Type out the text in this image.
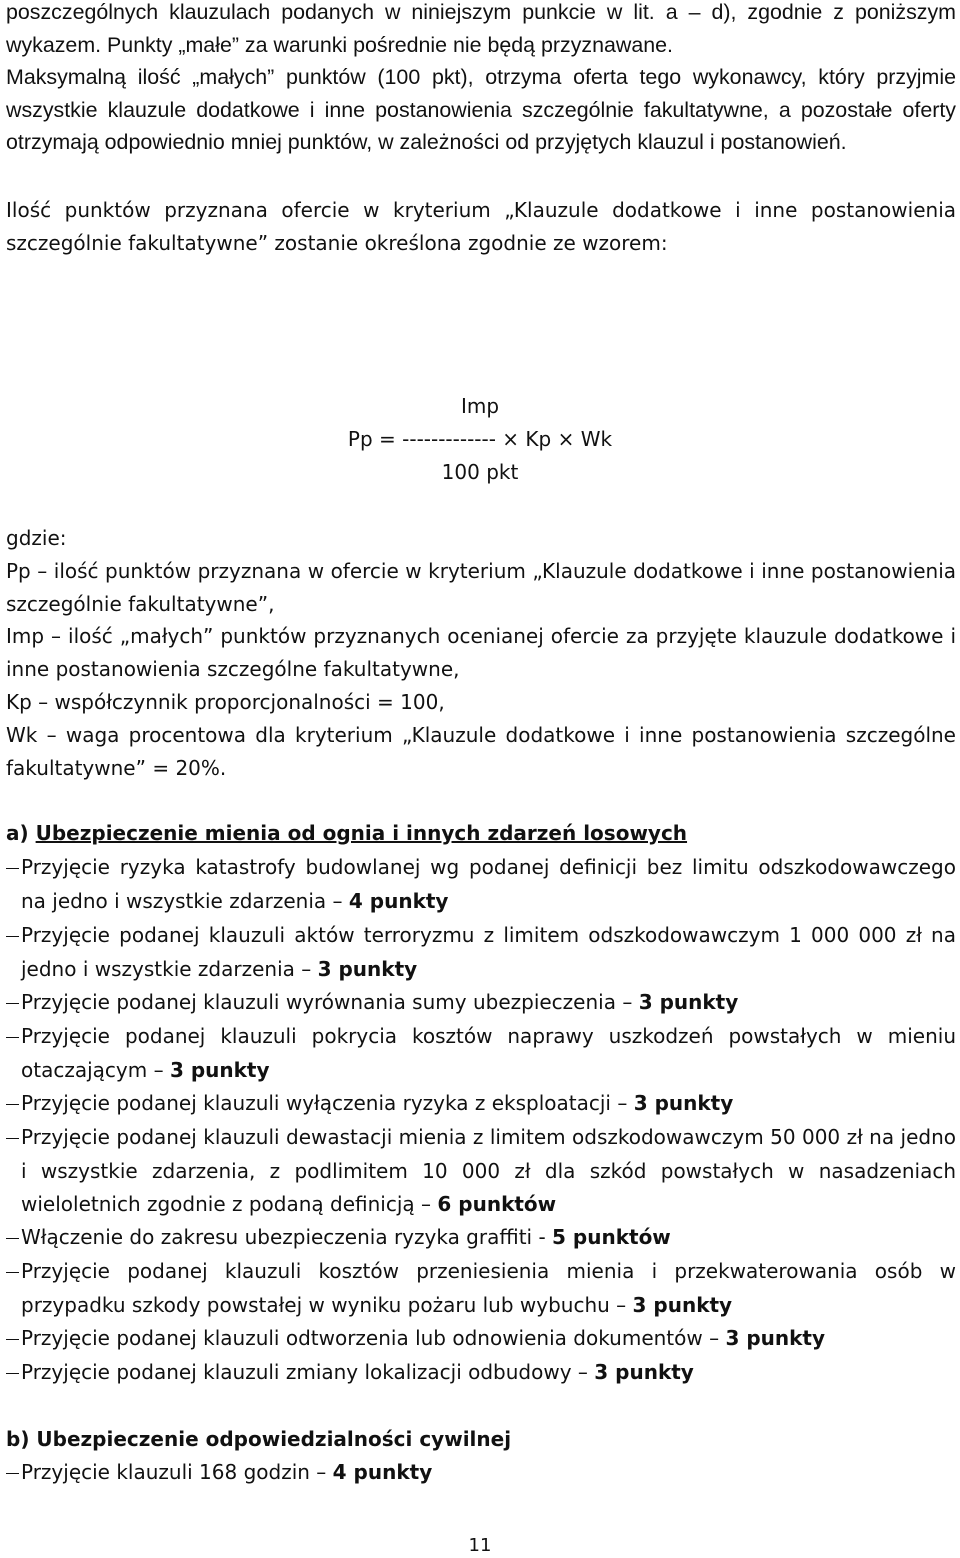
poszczególnych klauzulach podanych w niniejszym punkcie w lit. a – d), zgodnie z poniższym wykazem. Punkty „małe” za warunki pośrednie nie będą przyznawane.

Maksymalną ilość „małych” punktów (100 pkt), otrzyma oferta tego wykonawcy, który przyjmie wszystkie klauzule dodatkowe i inne postanowienia szczególnie fakultatywne, a pozostałe oferty otrzymają odpowiednio mniej punktów, w zależności od przyjętych klauzul i postanowień.

Ilość punktów przyznana ofercie w kryterium „Klauzule dodatkowe i inne postanowienia szczególnie fakultatywne” zostanie określona zgodnie ze wzorem:

Imp
Pp = ------------- × Kp × Wk
100 pkt

gdzie:

Pp – ilość punktów przyznana w ofercie w kryterium „Klauzule dodatkowe i inne postanowienia szczególnie fakultatywne”,

Imp – ilość „małych” punktów przyznanych ocenianej ofercie za przyjęte klauzule dodatkowe i inne postanowienia szczególne fakultatywne,

Kp – współczynnik proporcjonalności = 100,

Wk – waga procentowa dla kryterium „Klauzule dodatkowe i inne postanowienia szczególne fakultatywne” = 20%.

a) Ubezpieczenie mienia od ognia i innych zdarzeń losowych
Przyjęcie ryzyka katastrofy budowlanej wg podanej definicji bez limitu odszkodowawczego na jedno i wszystkie zdarzenia – 4 punkty
Przyjęcie podanej klauzuli aktów terroryzmu z limitem odszkodowawczym 1 000 000 zł na jedno i wszystkie zdarzenia – 3 punkty
Przyjęcie podanej klauzuli wyrównania sumy ubezpieczenia – 3 punkty
Przyjęcie podanej klauzuli pokrycia kosztów naprawy uszkodzeń powstałych w mieniu otaczającym – 3 punkty
Przyjęcie podanej klauzuli wyłączenia ryzyka z eksploatacji – 3 punkty
Przyjęcie podanej klauzuli dewastacji mienia z limitem odszkodowawczym 50 000 zł na jedno i wszystkie zdarzenia, z podlimitem 10 000 zł dla szkód powstałych w nasadzeniach wieloletnich zgodnie z podaną definicją – 6 punktów
Włączenie do zakresu ubezpieczenia ryzyka graffiti - 5 punktów
Przyjęcie podanej klauzuli kosztów przeniesienia mienia i przekwaterowania osób w przypadku szkody powstałej w wyniku pożaru lub wybuchu – 3 punkty
Przyjęcie podanej klauzuli odtworzenia lub odnowienia dokumentów – 3 punkty
Przyjęcie podanej klauzuli zmiany lokalizacji odbudowy – 3 punkty
b) Ubezpieczenie odpowiedzialności cywilnej
Przyjęcie klauzuli 168 godzin – 4 punkty
11
